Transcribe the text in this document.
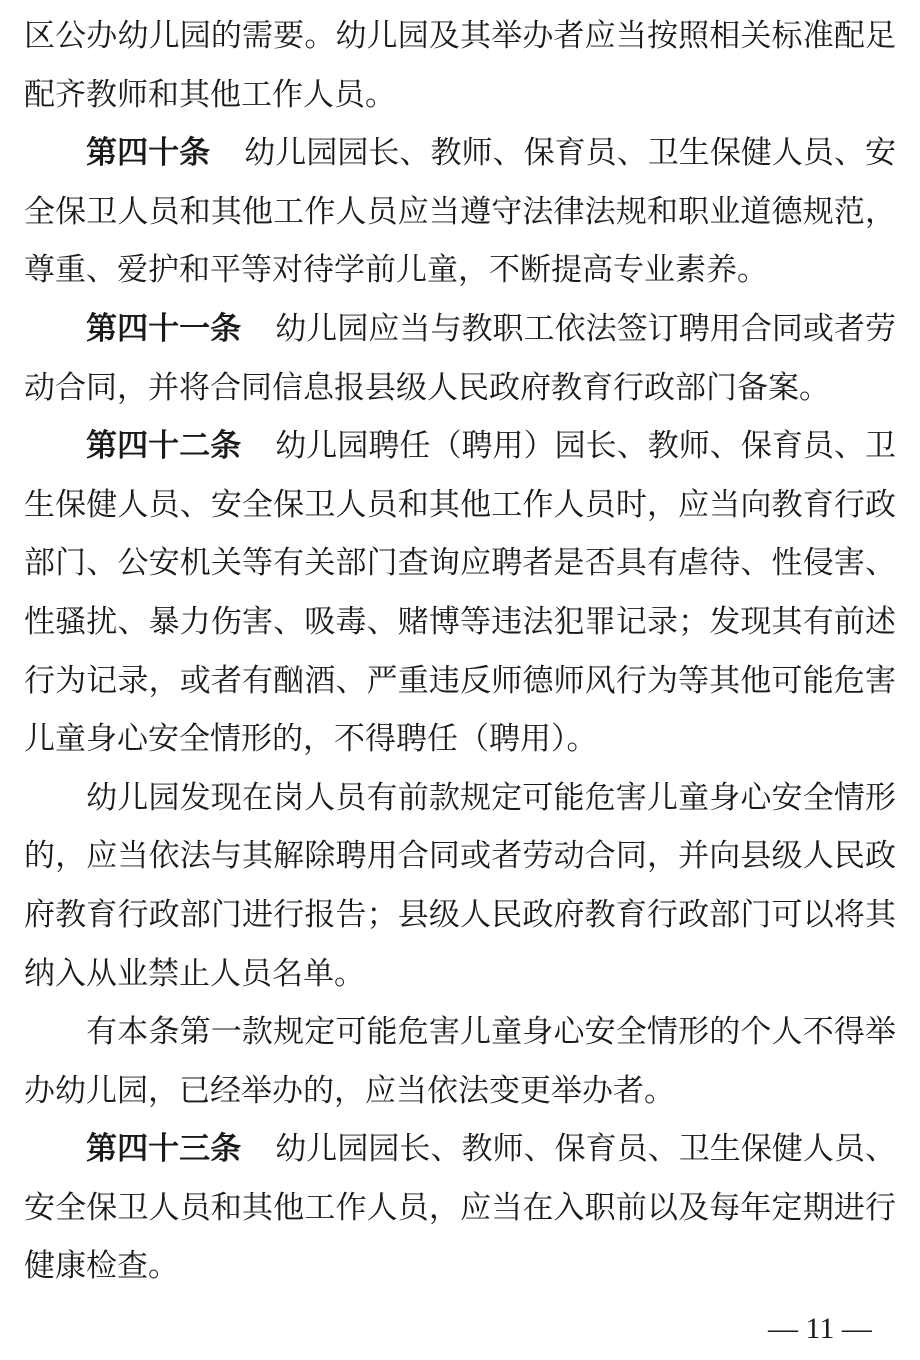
区公办幼儿园的需要。幼儿园及其举办者应当按照相关标准配足
配齐教师和其他工作人员。
第四十条 幼儿园园长、教师、保育员、卫生保健人员、安
全保卫人员和其他工作人员应当遵守法律法规和职业道德规范，
尊重、爱护和平等对待学前儿童，不断提高专业素养。
第四十一条 幼儿园应当与教职工依法签订聘用合同或者劳
动合同，并将合同信息报县级人民政府教育行政部门备案。
第四十二条 幼儿园聘任（聘用）园长、教师、保育员、卫
生保健人员、安全保卫人员和其他工作人员时，应当向教育行政
部门、公安机关等有关部门查询应聘者是否具有虐待、性侵害、
性骚扰、暴力伤害、吸毒、赌博等违法犯罪记录；发现其有前述
行为记录，或者有酗酒、严重违反师德师风行为等其他可能危害
儿童身心安全情形的，不得聘任（聘用）。
幼儿园发现在岗人员有前款规定可能危害儿童身心安全情形
的，应当依法与其解除聘用合同或者劳动合同，并向县级人民政
府教育行政部门进行报告；县级人民政府教育行政部门可以将其
纳入从业禁止人员名单。
有本条第一款规定可能危害儿童身心安全情形的个人不得举
办幼儿园，已经举办的，应当依法变更举办者。
第四十三条 幼儿园园长、教师、保育员、卫生保健人员、
安全保卫人员和其他工作人员，应当在入职前以及每年定期进行
健康检查。
— 11 —
